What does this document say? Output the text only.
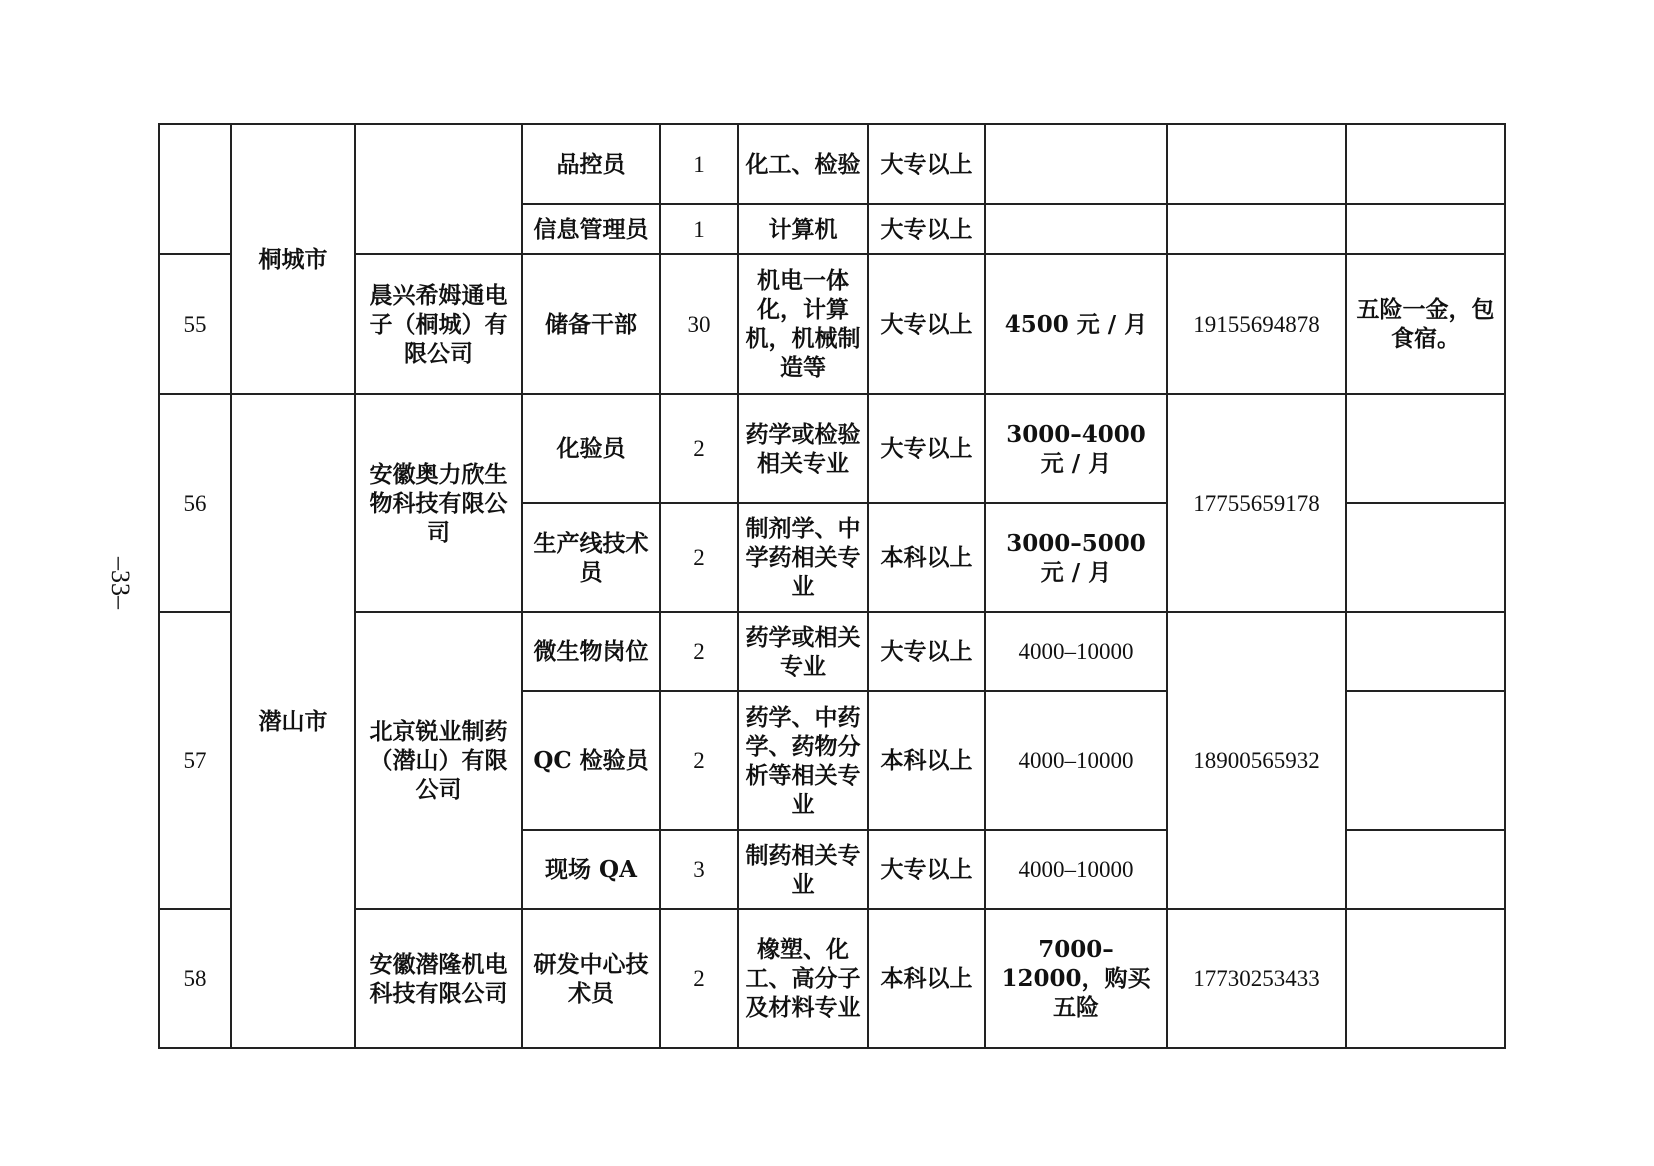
–33–
	桐城市		品控员	1	化工、检验	大专以上			
			信息管理员	1	计算机	大专以上			
55		晨兴希姆通电子（桐城）有限公司	储备干部	30	机电一体化，计算机，机械制造等	大专以上	4500 元 / 月	19155694878	五险一金，包食宿。
56	潜山市	安徽奥力欣生物科技有限公司	化验员	2	药学或检验相关专业	大专以上	3000–4000 元 / 月	17755659178	
			生产线技术员	2	制剂学、中学药相关专业	本科以上	3000–5000 元 / 月		
57		北京锐业制药（潜山）有限公司	微生物岗位	2	药学或相关专业	大专以上	4000–10000	18900565932	
			QC 检验员	2	药学、中药学、药物分析等相关专业	本科以上	4000–10000		
			现场 QA	3	制药相关专业	大专以上	4000–10000		
58		安徽潜隆机电科技有限公司	研发中心技术员	2	橡塑、化工、高分子及材料专业	本科以上	7000–12000，购买五险	17730253433	
